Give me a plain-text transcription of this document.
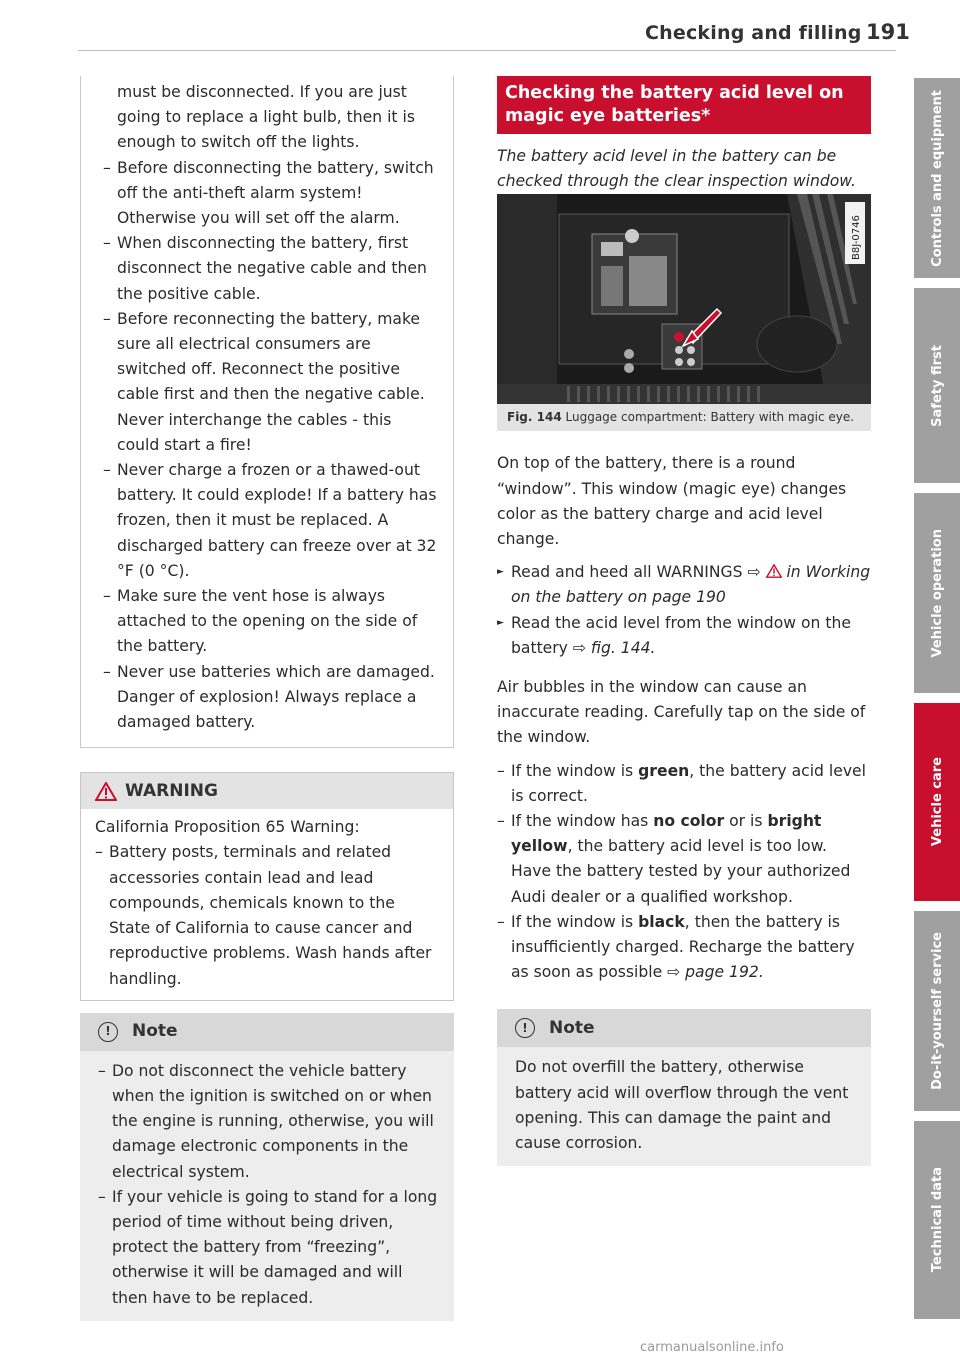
Checking and filling 191

must be disconnected. If you are just going to replace a light bulb, then it is enough to switch off the lights.

– Before disconnecting the battery, switch off the anti-theft alarm system! Otherwise you will set off the alarm.
– When disconnecting the battery, first disconnect the negative cable and then the positive cable.
– Before reconnecting the battery, make sure all electrical consumers are switched off. Reconnect the positive cable first and then the negative cable. Never interchange the cables - this could start a fire!
– Never charge a frozen or a thawed-out battery. It could explode! If a battery has frozen, then it must be replaced. A discharged battery can freeze over at 32 °F (0 °C).
– Make sure the vent hose is always attached to the opening on the side of the battery.
– Never use batteries which are damaged. Danger of explosion! Always replace a damaged battery.
WARNING

California Proposition 65 Warning:

– Battery posts, terminals and related accessories contain lead and lead compounds, chemicals known to the State of California to cause cancer and reproductive problems. Wash hands after handling.
!	Note
– Do not disconnect the vehicle battery when the ignition is switched on or when the engine is running, otherwise, you will damage electronic components in the electrical system.
– If your vehicle is going to stand for a long period of time without being driven, protect the battery from “freezing”, otherwise it will be damaged and will then have to be replaced.
Checking the battery acid level on magic eye batteries*

The battery acid level in the battery can be checked through the clear inspection window.

B8J-0746
Fig. 144 Luggage compartment: Battery with magic eye.

On top of the battery, there is a round “window”. This window (magic eye) changes color as the battery charge and acid level change.

► Read and heed all WARNINGS ⇨  in Working on the battery on page 190
► Read the acid level from the window on the battery ⇨ fig. 144.

Air bubbles in the window can cause an inaccurate reading. Carefully tap on the side of the window.

– If the window is green, the battery acid level is correct.
– If the window has no color or is bright yellow, the battery acid level is too low. Have the battery tested by your authorized Audi dealer or a qualified workshop.
– If the window is black, then the battery is insufficiently charged. Recharge the battery as soon as possible ⇨ page 192.
!	Note

Do not overfill the battery, otherwise battery acid will overflow through the vent opening. This can damage the paint and cause corrosion.

Controls and equipment
Safety first
Vehicle operation
Vehicle care
Do-it-yourself service
Technical data
carmanualsonline.info
